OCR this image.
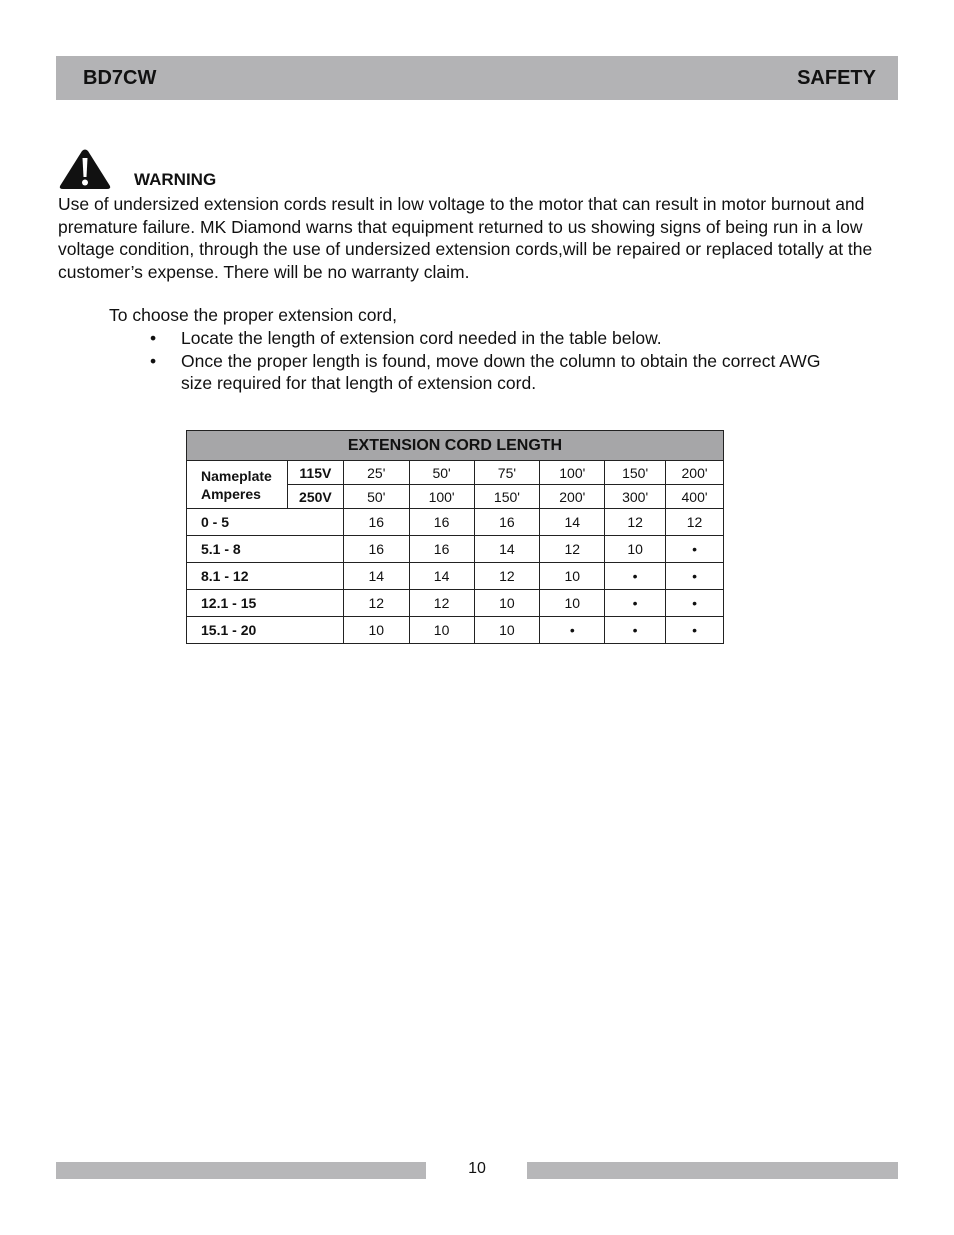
BD7CW	SAFETY
WARNING

Use of undersized extension cords result in low voltage to the motor that can result in motor burnout and premature failure. MK Diamond warns that equipment returned to us showing signs of being run in a low voltage condition, through the use of undersized extension cords,will be repaired or replaced totally at the customer’s expense. There will be no warranty claim.

To choose the proper extension cord,
• Locate the length of extension cord needed in the table below.
• Once the proper length is found, move down the column to obtain the correct AWG size required for that length of extension cord.
EXTENSION CORD LENGTH							
Nameplate Amperes	115V	25'	50'	75'	100'	150'	200'
	250V	50'	100'	150'	200'	300'	400'
0 - 5		16	16	16	14	12	12
5.1 - 8		16	16	14	12	10	•
8.1 - 12		14	14	12	10	•	•
12.1 - 15		12	12	10	10	•	•
15.1 - 20		10	10	10	•	•	•
10
